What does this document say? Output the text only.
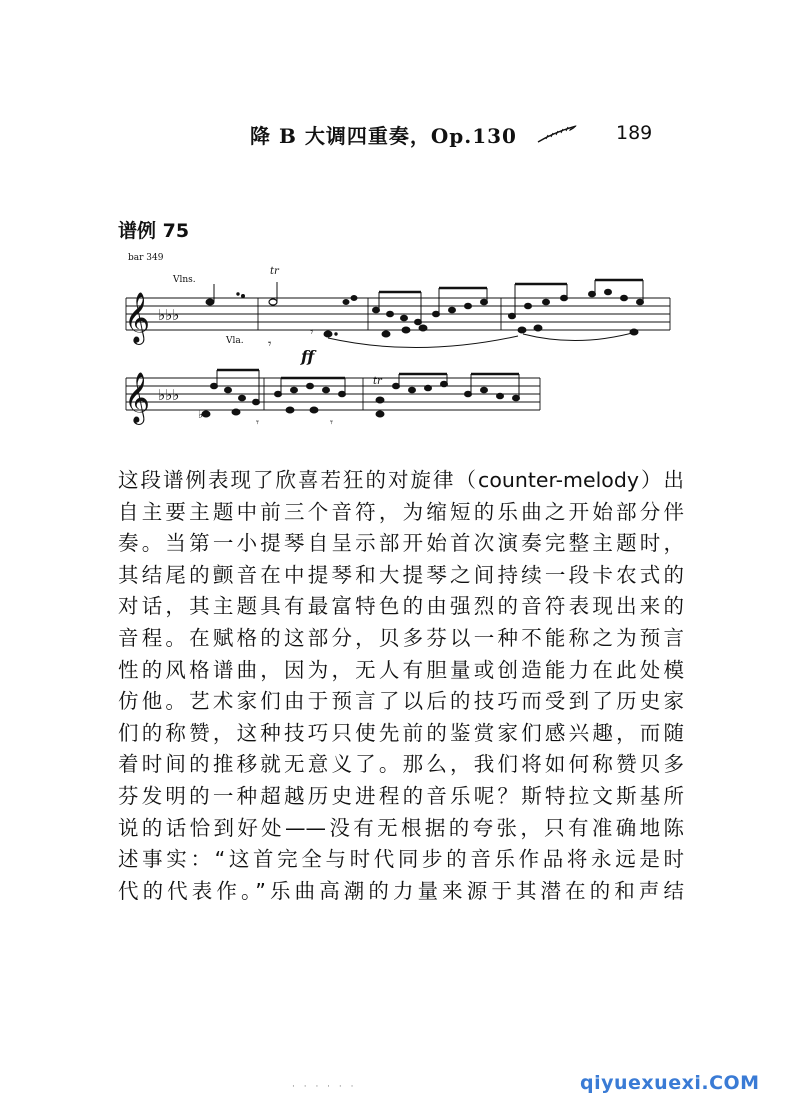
降 B 大调四重奏，Op.130	189
谱例 75
bar 349
Vlns.
Vla.
tr
tr
ff
𝄞 ♭♭♭
𝄾
𝄾
𝄞 ♭♭♭
♭
𝄾	𝄾
这段谱例表现了欣喜若狂的对旋律（counter-melody）出
自主要主题中前三个音符，为缩短的乐曲之开始部分伴
奏。当第一小提琴自呈示部开始首次演奏完整主题时，
其结尾的颤音在中提琴和大提琴之间持续一段卡农式的
对话，其主题具有最富特色的由强烈的音符表现出来的
音程。在赋格的这部分，贝多芬以一种不能称之为预言
性的风格谱曲，因为，无人有胆量或创造能力在此处模
仿他。艺术家们由于预言了以后的技巧而受到了历史家
们的称赞，这种技巧只使先前的鉴赏家们感兴趣，而随
着时间的推移就无意义了。那么，我们将如何称赞贝多
芬发明的一种超越历史进程的音乐呢？斯特拉文斯基所
说的话恰到好处——没有无根据的夸张，只有准确地陈
述事实：“这首完全与时代同步的音乐作品将永远是时
代的代表作。”乐曲高潮的力量来源于其潜在的和声结
· · · · · ·	qiyuexuexi.COM
